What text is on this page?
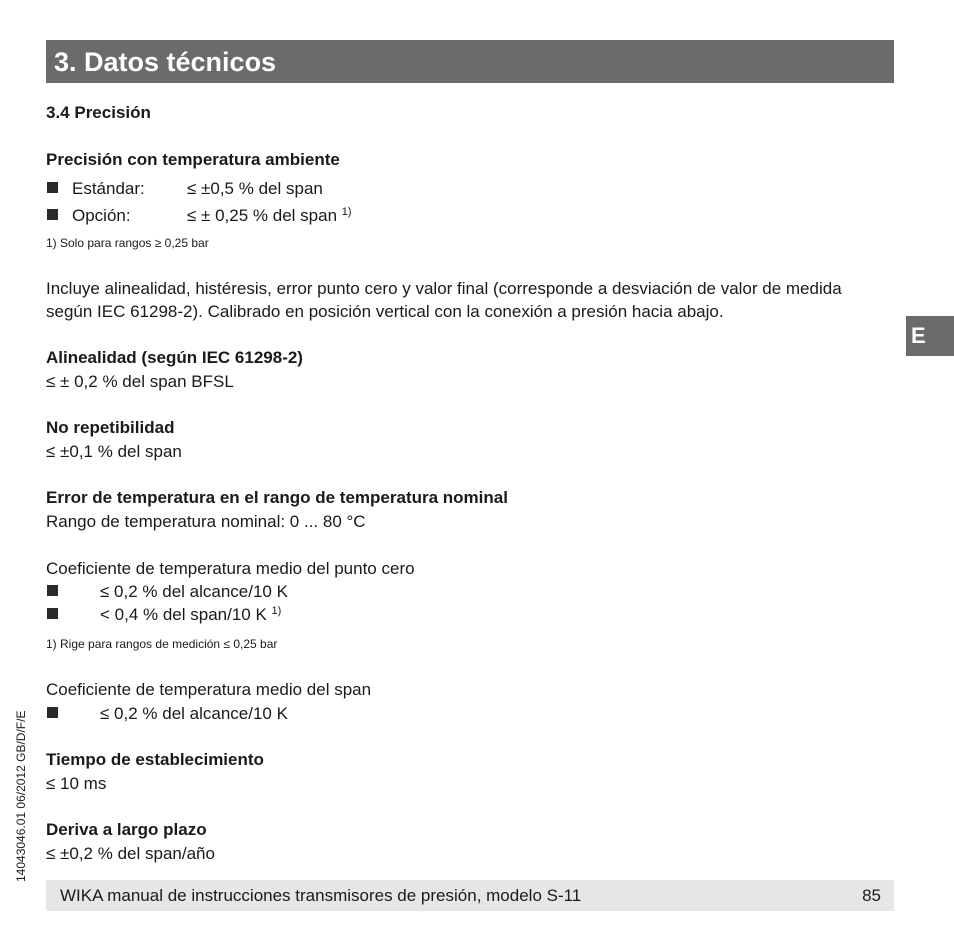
3. Datos técnicos
E
3.4 Precisión
Precisión con temperatura ambiente
Estándar: ≤ ±0,5 % del span
Opción:	≤ ± 0,25 % del span $^{1)}$
1) Solo para rangos ≥ 0,25 bar
Incluye alinealidad, histéresis, error punto cero y valor final (corresponde a desviación de valor de medida según IEC 61298-2). Calibrado en posición vertical con la conexión a presión hacia abajo.
Alinealidad (según IEC 61298-2)
≤ ± 0,2 % del span BFSL
No repetibilidad
≤ ±0,1 % del span
Error de temperatura en el rango de temperatura nominal
Rango de temperatura nominal: 0 ... 80 °C
Coeficiente de temperatura medio del punto cero
≤ 0,2 % del alcance/10 K
< 0,4 % del span/10 K $^{1)}$
1) Rige para rangos de medición ≤ 0,25 bar
Coeficiente de temperatura medio del span
≤ 0,2 % del alcance/10 K
Tiempo de establecimiento
≤ 10 ms
Deriva a largo plazo
≤ ±0,2 % del span/año
14043046.01 06/2012 GB/D/F/E
WIKA manual de instrucciones transmisores de presión, modelo S-11	85
